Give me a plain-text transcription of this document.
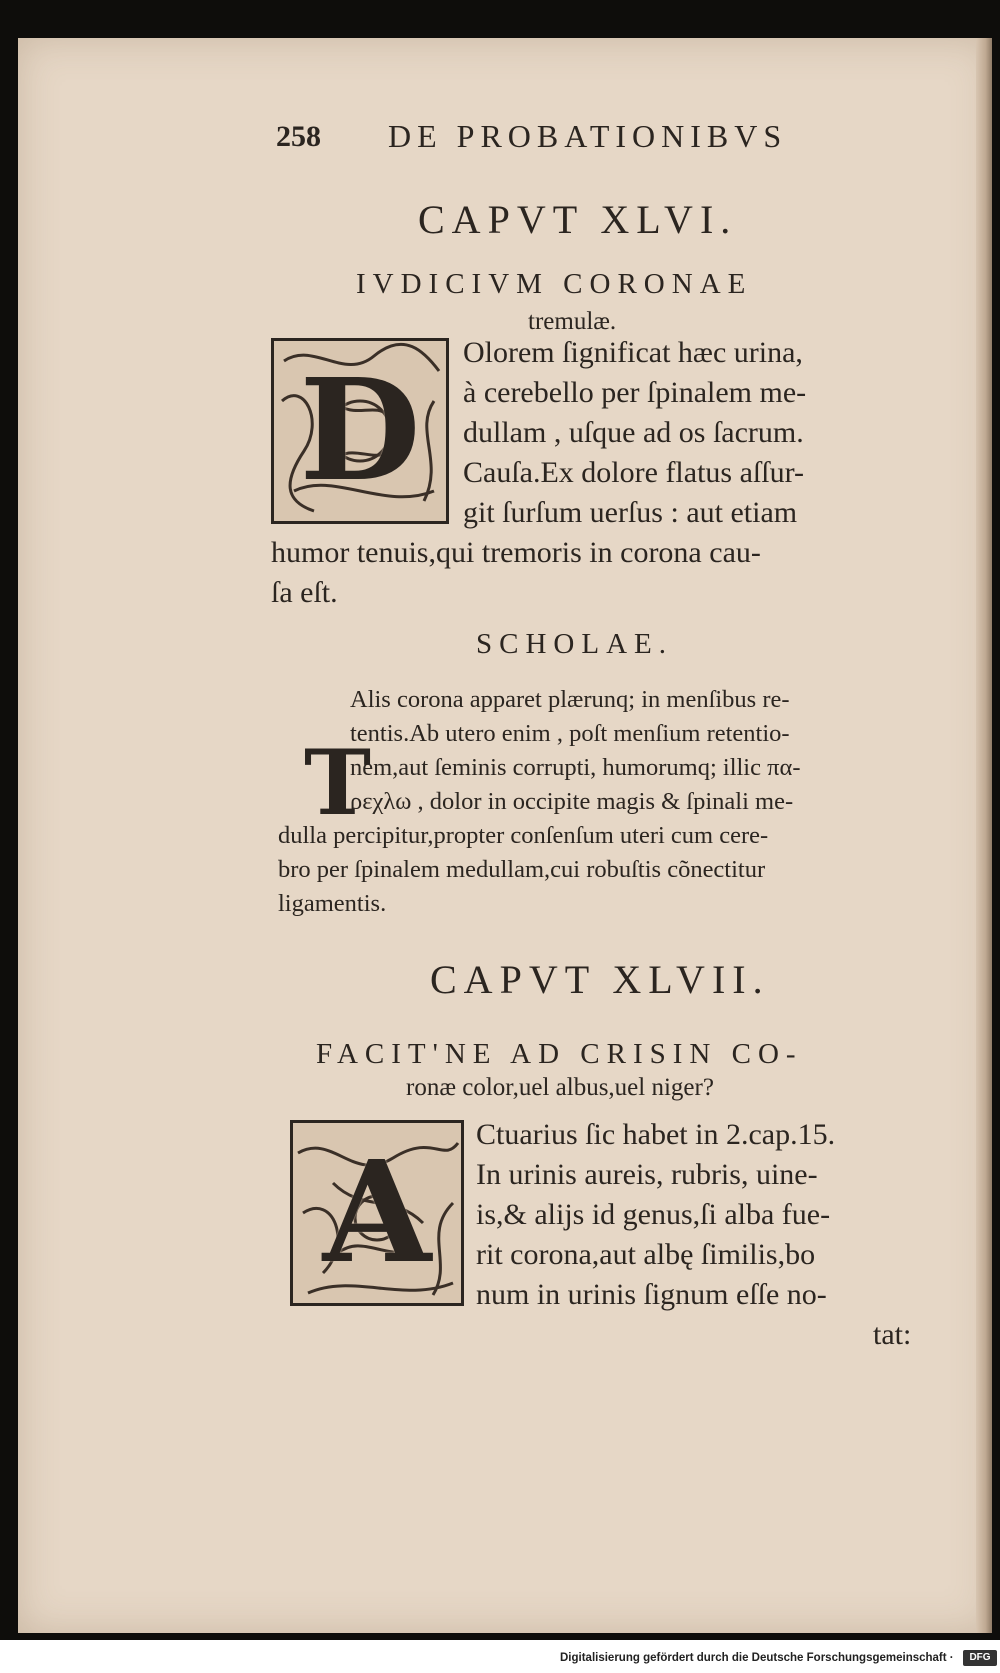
258 DE PROBATIONIBVS
CAPVT XLVI.
IVDICIVM CORONAE
tremulæ.
D Olorem ſignificat hæc urina,
à cerebello per ſpinalem me-
dullam , uſque ad os ſacrum.
Cauſa.Ex dolore flatus aſſur-
git ſurſum uerſus : aut etiam
humor tenuis,qui tremoris in corona cau-
ſa eſt.
SCHOLAE.
T
Alis corona apparet plærunq; in menſibus re-
tentis.Ab utero enim , poſt menſium retentio-
nem,aut ſeminis corrupti, humorumq; illic πα-
ρεχλω , dolor in occipite magis & ſpinali me-
dulla percipitur,propter conſenſum uteri cum cere-
bro per ſpinalem medullam,cui robuſtis cõnectitur
ligamentis.
CAPVT XLVII.
FACIT'NE AD CRISIN CO-
ronæ color,uel albus,uel niger?
A Ctuarius ſic habet in 2.cap.15.
In urinis aureis, rubris, uine-
is,& alijs id genus,ſi alba fue-
rit corona,aut albę ſimilis,bo
num in urinis ſignum eſſe no-
tat:
Digitalisierung gefördert durch die Deutsche Forschungsgemeinschaft ·	DFG
